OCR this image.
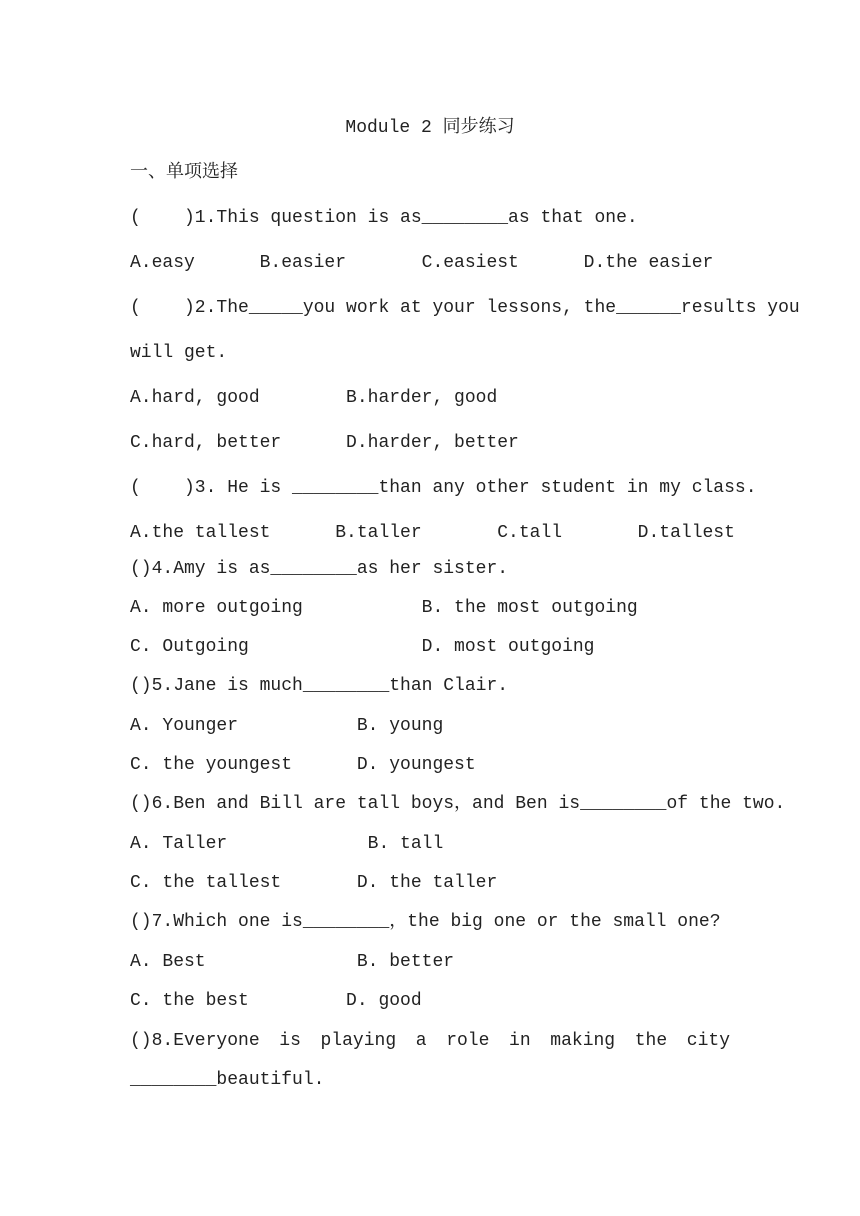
Module 2 同步练习
一、单项选择
(    )1.This question is as________as that one.
A.easy      B.easier       C.easiest      D.the easier
(    )2.The_____you work at your lessons, the______results you
will get.
A.hard, good        B.harder, good
C.hard, better      D.harder, better
(    )3. He is ________than any other student in my class.
A.the tallest      B.taller       C.tall       D.tallest
()4.Amy is as________as her sister.
A. more outgoing           B. the most outgoing
C. Outgoing                D. most outgoing
()5.Jane is much________than Clair.
A. Younger           B. young
C. the youngest      D. youngest
()6.Ben and Bill are tall boys，and Ben is________of the two.
A. Taller             B. tall
C. the tallest       D. the taller
()7.Which one is________，the big one or the small one?
A. Best              B. better
C. the best         D. good
()8.Everyone is playing a role in making the city
________beautiful.
